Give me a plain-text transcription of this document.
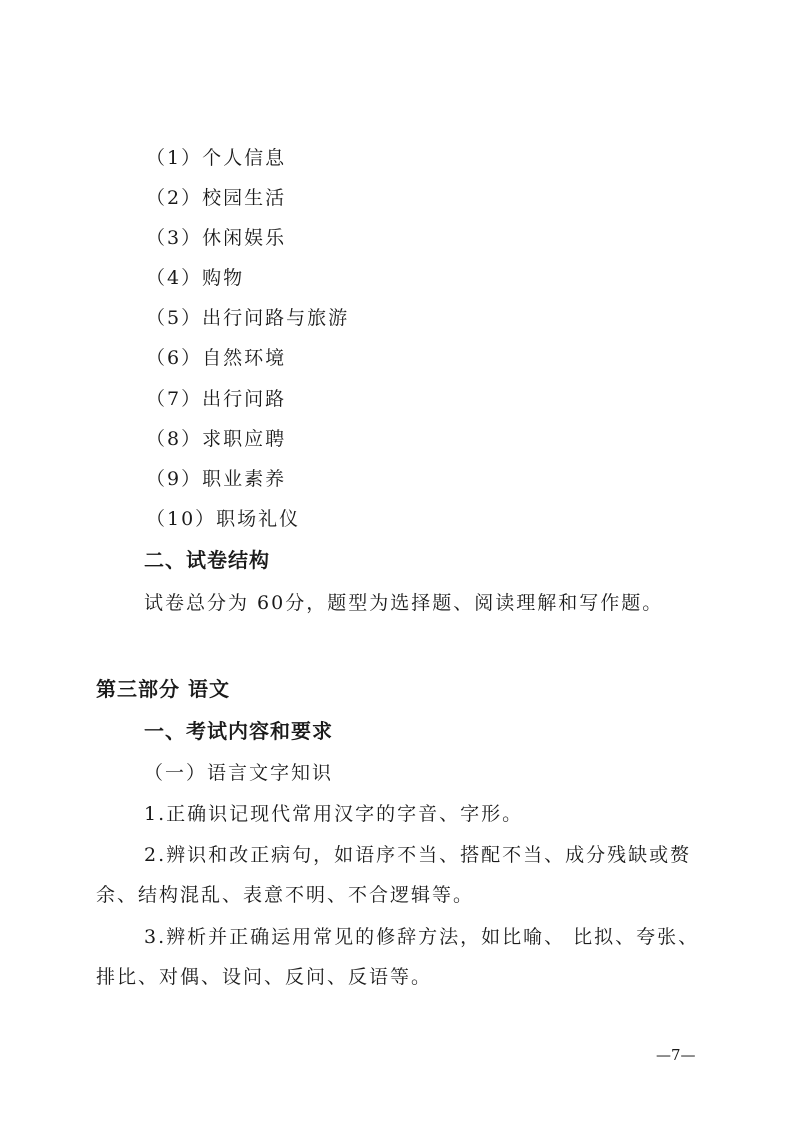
（1）个人信息
（2）校园生活
（3）休闲娱乐
（4）购物
（5）出行问路与旅游
（6）自然环境
（7）出行问路
（8）求职应聘
（9）职业素养
（10）职场礼仪
二、试卷结构
试卷总分为 60分，题型为选择题、阅读理解和写作题。
第三部分 语文
一、考试内容和要求
（一）语言文字知识
1.正确识记现代常用汉字的字音、字形。
2.辨识和改正病句，如语序不当、搭配不当、成分残缺或赘
余、结构混乱、表意不明、不合逻辑等。
3.辨析并正确运用常见的修辞方法，如比喻、 比拟、夸张、
排比、对偶、设问、反问、反语等。
—7—
